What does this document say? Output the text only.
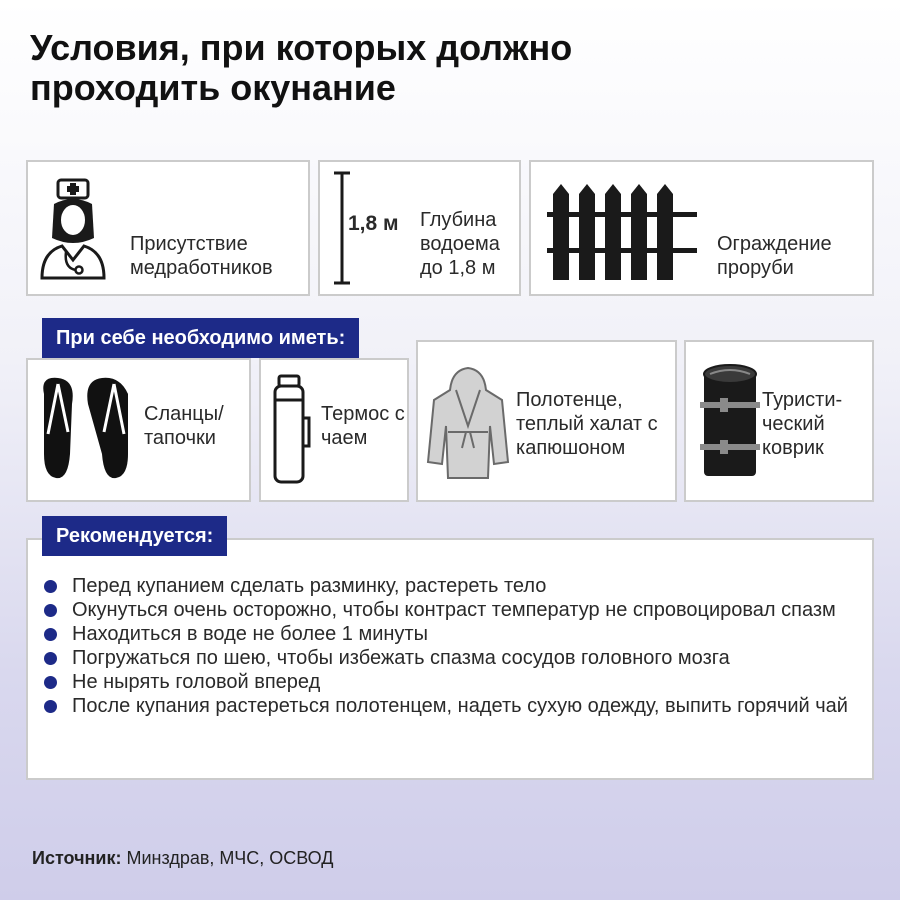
Условия, при которых должно проходить окунание
Присутствие медработников
1,8 м Глубина водоема до 1,8 м
Ограждение проруби
Сланцы/ тапочки
Термос с чаем
Полотенце, теплый халат с капюшоном
Туристи-ческий коврик
При себе необходимо иметь:
Рекомендуется:
Перед купанием сделать разминку, растереть тело
Окунуться очень осторожно, чтобы контраст температур не спровоцировал спазм
Находиться в воде не более 1 минуты
Погружаться по шею, чтобы избежать спазма сосудов головного мозга
Не нырять головой вперед
После купания растереться полотенцем, надеть сухую одежду, выпить горячий чай
Источник: Минздрав, МЧС, ОСВОД
